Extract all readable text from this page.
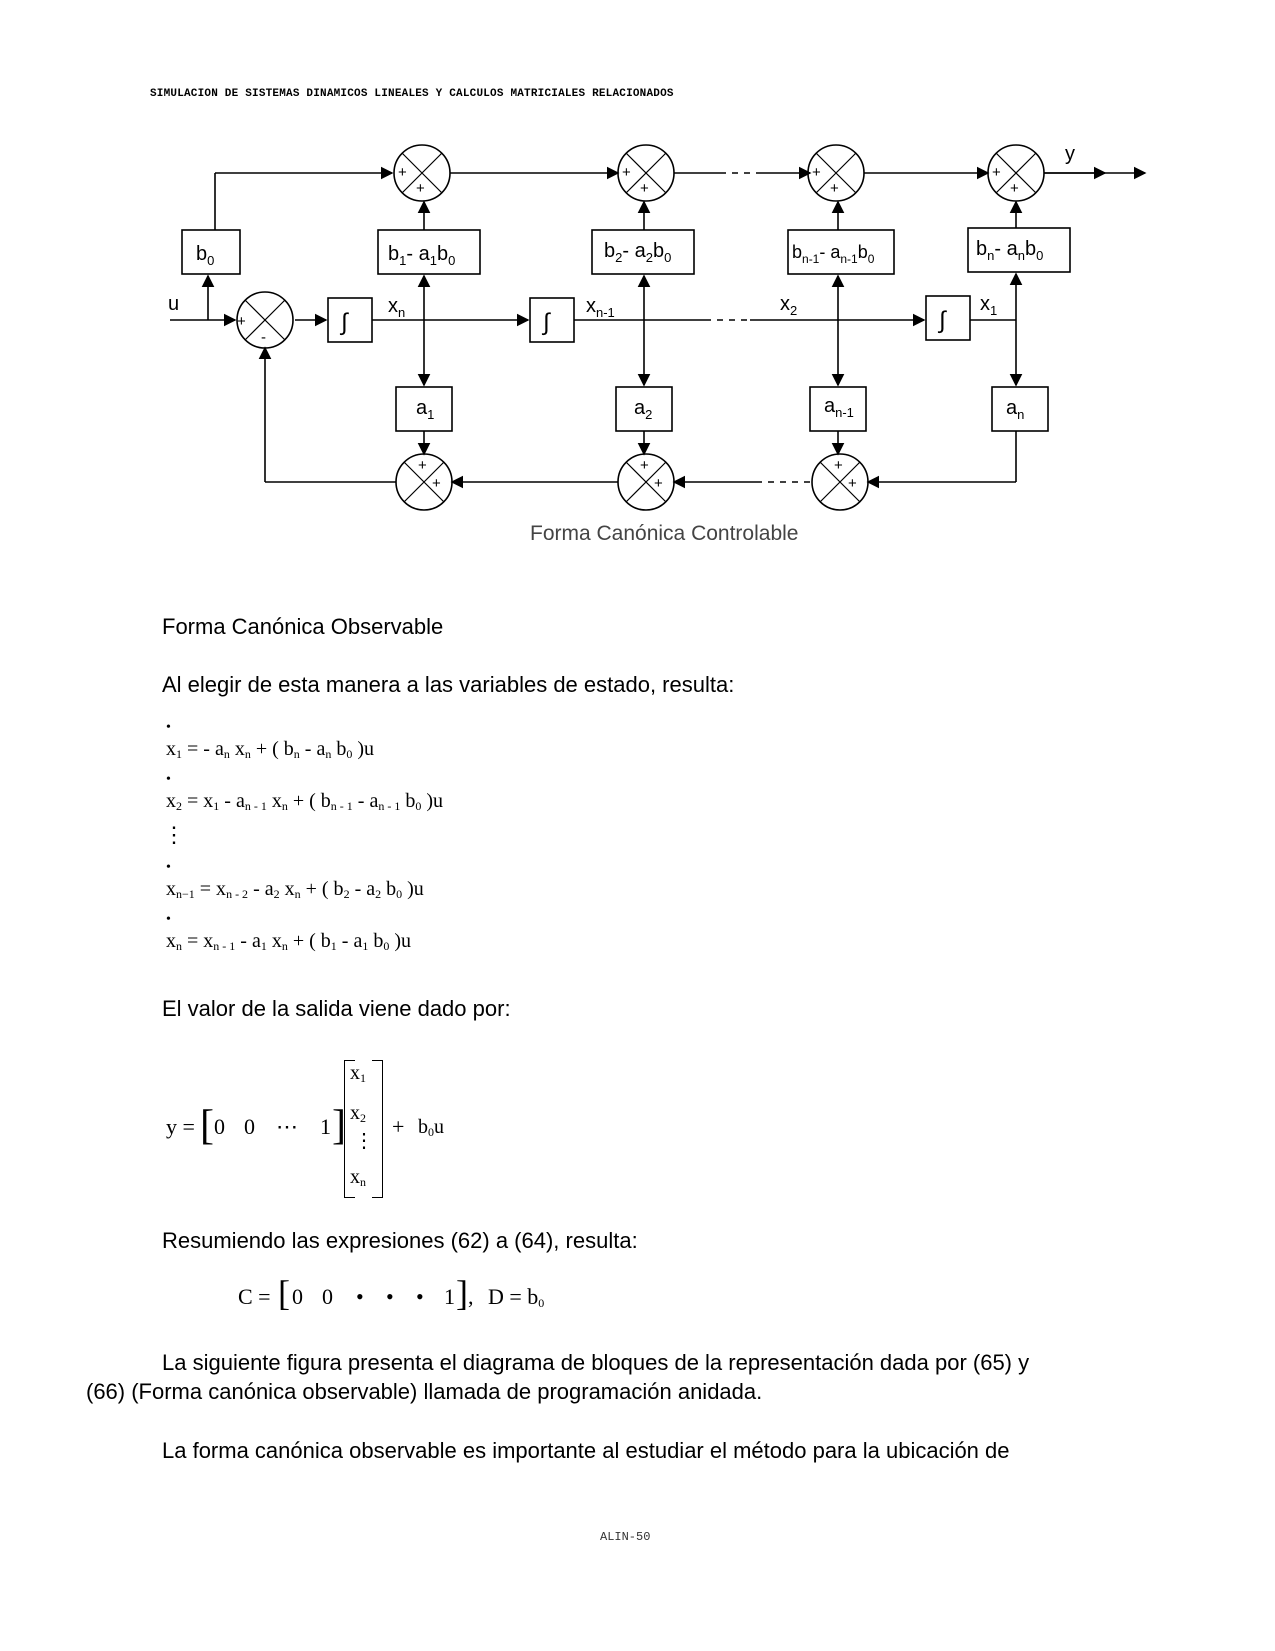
SIMULACION DE SISTEMAS DINAMICOS LINEALES Y CALCULOS MATRICIALES RELACIONADOS
+
-
+
+
+
+
+
+
+
+
+
+
+
+
+
+
u
y
$b_0$	$b_1-$ $a_1b_0$	$b_2-$ $a_2b_0$	$b_{n-1}-$ $a_{n-1}b_0$	$b_n-$ $a_nb_0$
∫	∫	∫
$x_n$	$x_{n-1}$	$x_2$	$x_1$
$a_1$	$a_2$	$a_{n-1}$	$a_n$
Forma Canónica Controlable
Forma Canónica Observable
Al elegir de esta manera a las variables de estado, resulta:
•
x1 = - an xn + ( bn - an b0 )u
•
x2 = x1 - an - 1 xn + ( bn - 1 - an - 1 b0 )u
⋮
•
xn−1 = xn - 2 - a2 xn + ( b2 - a2 b0 )u
•
xn = xn - 1 - a1 xn + ( b1 - a1 b0 )u
El valor de la salida viene dado por:
y = [ 0 0 ⋯ 1 ]
x1
x2
⋮
xn
+ b0u
Resumiendo las expresiones (62) a (64), resulta:
C = [ 0 0 • • • 1 ] , D = b0
La siguiente figura presenta el diagrama de bloques de la representación dada por (65) y
(66) (Forma canónica observable) llamada de programación anidada.
La forma canónica observable es importante al estudiar el método para la ubicación de
ALIN-50
